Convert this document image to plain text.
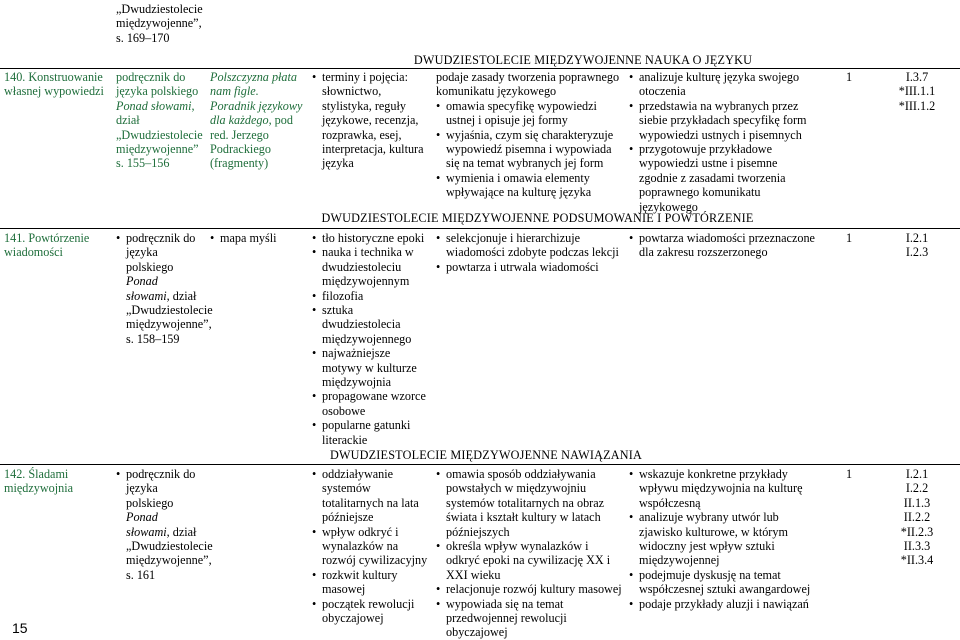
„Dwudziestolecie
międzywojenne”,
s. 169–170
DWUDZIESTOLECIE MIĘDZYWOJENNE NAUKA O JĘZYKU
140. Konstruowanie własnej wypowiedzi
podręcznik do języka polskiego Ponad słowami, dział „Dwudziestolecie międzywojenne” s. 155–156
Polszczyzna płata nam figle. Poradnik językowy dla każdego, pod red. Jerzego Podrackiego (fragmenty)
• terminy i pojęcia: słownictwo, stylistyka, reguły językowe, recenzja, rozprawka, esej, interpretacja, kultura języka
podaje zasady tworzenia poprawnego komunikatu językowego
• omawia specyfikę wypowiedzi ustnej i opisuje jej formy
• wyjaśnia, czym się charakteryzuje wypowiedź pisemna i wypowiada się na temat wybranych jej form
• wymienia i omawia elementy wpływające na kulturę języka
• analizuje kulturę języka swojego otoczenia
• przedstawia na wybranych przez siebie przykładach specyfikę form wypowiedzi ustnych i pisemnych
• przygotowuje przykładowe wypowiedzi ustne i pisemne zgodnie z zasadami tworzenia poprawnego komunikatu językowego
1	I.3.7
*III.1.1
*III.1.2
DWUDZIESTOLECIE MIĘDZYWOJENNE PODSUMOWANIE I POWTÓRZENIE
141. Powtórzenie wiadomości
• podręcznik do języka polskiego Ponad słowami, dział „Dwudziestolecie międzywojenne”, s. 158–159
• mapa myśli
•	tło historyczne epoki
• nauka i technika w dwudziestoleciu międzywojennym
• filozofia
• sztuka dwudziestolecia międzywojennego
• najważniejsze motywy w kulturze międzywojnia
• propagowane wzorce osobowe
• popularne gatunki literackie
• selekcjonuje i hierarchizuje wiadomości zdobyte podczas lekcji
• powtarza i utrwala wiadomości
• powtarza wiadomości przeznaczone dla zakresu rozszerzonego
1	I.2.1
I.2.3
DWUDZIESTOLECIE MIĘDZYWOJENNE NAWIĄZANIA
142. Śladami międzywojnia
• podręcznik do języka polskiego Ponad słowami, dział „Dwudziestolecie międzywojenne”, s. 161
• oddziaływanie systemów totalitarnych na lata późniejsze
• wpływ odkryć i wynalazków na rozwój cywilizacyjny
• rozkwit kultury masowej
• początek rewolucji obyczajowej
• omawia sposób oddziaływania powstałych w międzywojniu systemów totalitarnych na obraz świata i kształt kultury w latach późniejszych
• określa wpływ wynalazków i odkryć epoki na cywilizację XX i XXI wieku
• relacjonuje rozwój kultury masowej
• wypowiada się na temat przedwojennej rewolucji obyczajowej
• wskazuje konkretne przykłady wpływu międzywojnia na kulturę współczesną
• analizuje wybrany utwór lub zjawisko kulturowe, w którym widoczny jest wpływ sztuki międzywojennej
• podejmuje dyskusję na temat współczesnej sztuki awangardowej
• podaje przykłady aluzji i nawiązań
1	I.2.1
I.2.2
II.1.3
II.2.2
*II.2.3
II.3.3
*II.3.4
15
